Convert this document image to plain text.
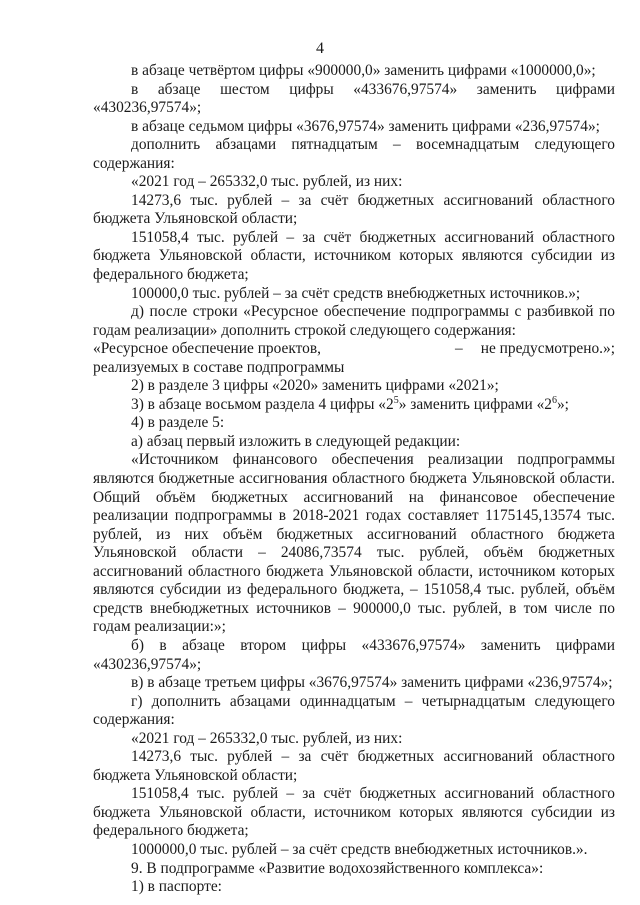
4

в абзаце четвёртом цифры «900000,0» заменить цифрами «1000000,0»;

в абзаце шестом цифры «433676,97574» заменить цифрами «430236,97574»;

в абзаце седьмом цифры «3676,97574» заменить цифрами «236,97574»;

дополнить абзацами пятнадцатым – восемнадцатым следующего содержания:

«2021 год – 265332,0 тыс. рублей, из них:

14273,6 тыс. рублей – за счёт бюджетных ассигнований областного бюджета Ульяновской области;

151058,4 тыс. рублей – за счёт бюджетных ассигнований областного бюджета Ульяновской области, источником которых являются субсидии из федерального бюджета;

100000,0 тыс. рублей – за счёт средств внебюджетных источников.»;

д) после строки «Ресурсное обеспечение подпрограммы с разбивкой по годам реализации» дополнить строкой следующего содержания:

«Ресурсное обеспечение проектов,	– не предусмотрено.»;

реализуемых в составе подпрограммы

2) в разделе 3 цифры «2020» заменить цифрами «2021»;

3) в абзаце восьмом раздела 4 цифры «$2^5$» заменить цифрами «$2^6$»;

4) в разделе 5:

а) абзац первый изложить в следующей редакции:

«Источником финансового обеспечения реализации подпрограммы являются бюджетные ассигнования областного бюджета Ульяновской области. Общий объём бюджетных ассигнований на финансовое обеспечение реализации подпрограммы в 2018-2021 годах составляет 1175145,13574 тыс. рублей, из них объём бюджетных ассигнований областного бюджета Ульяновской области – 24086,73574 тыс. рублей, объём бюджетных ассигнований областного бюджета Ульяновской области, источником которых являются субсидии из федерального бюджета, – 151058,4 тыс. рублей, объём средств внебюджетных источников – 900000,0 тыс. рублей, в том числе по годам реализации:»;

б) в абзаце втором цифры «433676,97574» заменить цифрами «430236,97574»;

в) в абзаце третьем цифры «3676,97574» заменить цифрами «236,97574»;

г) дополнить абзацами одиннадцатым – четырнадцатым следующего содержания:

«2021 год – 265332,0 тыс. рублей, из них:

14273,6 тыс. рублей – за счёт бюджетных ассигнований областного бюджета Ульяновской области;

151058,4 тыс. рублей – за счёт бюджетных ассигнований областного бюджета Ульяновской области, источником которых являются субсидии из федерального бюджета;

1000000,0 тыс. рублей – за счёт средств внебюджетных источников.».

9. В подпрограмме «Развитие водохозяйственного комплекса»:

1) в паспорте:
